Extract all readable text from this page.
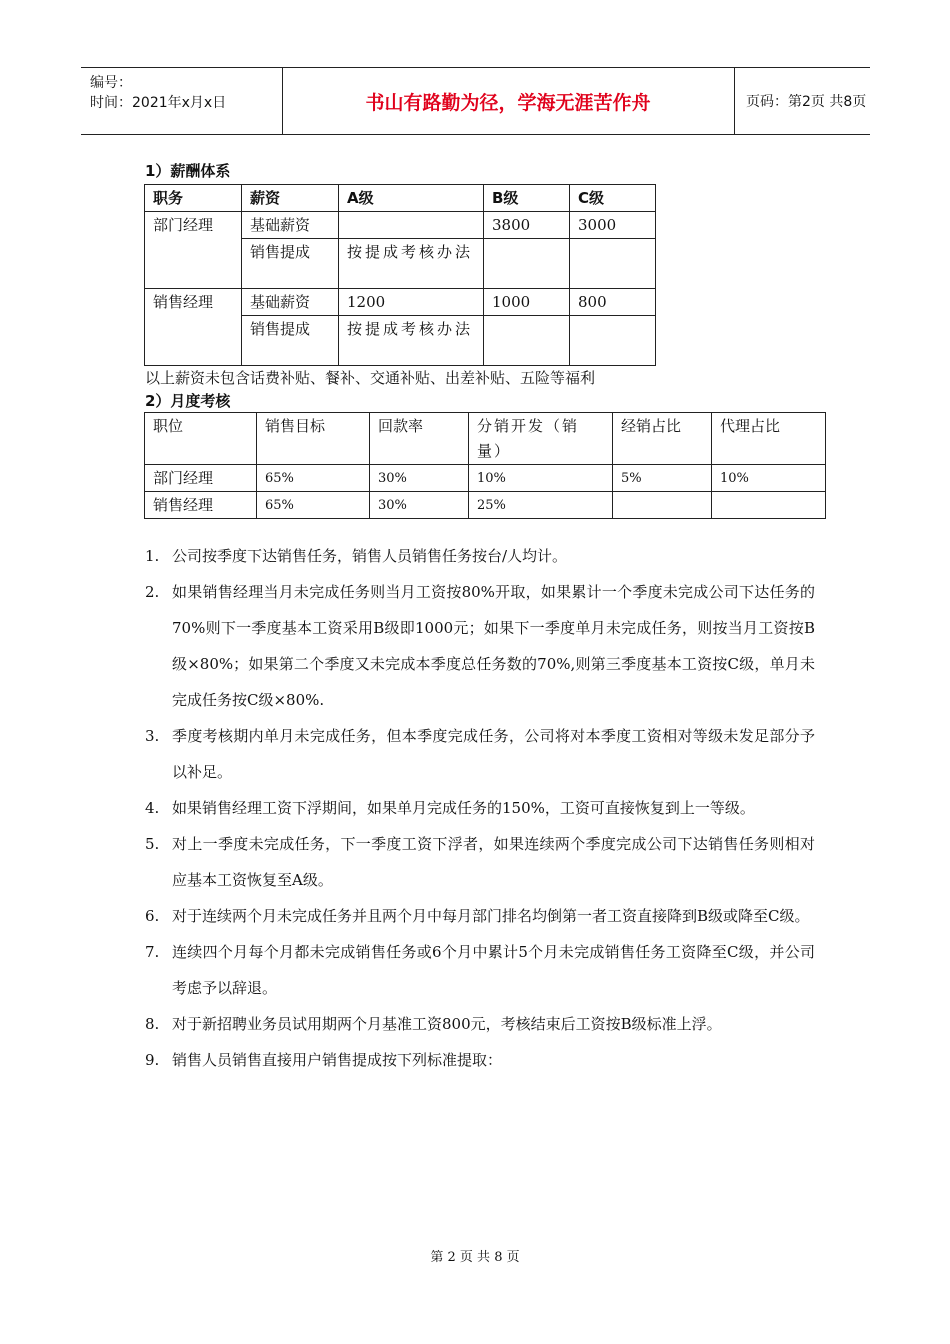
编号：
时间：2021年x月x日	书山有路勤为径，学海无涯苦作舟	页码：第2页 共8页
1）薪酬体系
职务	薪资	A级	B级	C级
部门经理	基础薪资		3800	3000
	销售提成	按提成考核办法		
销售经理	基础薪资	1200	1000	800
	销售提成	按提成考核办法		
以上薪资未包含话费补贴、餐补、交通补贴、出差补贴、五险等福利
2）月度考核
职位	销售目标	回款率	分销开发（销量）	经销占比	代理占比
部门经理	65%	30%	10%	5%	10%
销售经理	65%	30%	25%		
1. 公司按季度下达销售任务，销售人员销售任务按台/人均计。
2. 如果销售经理当月未完成任务则当月工资按80%开取，如果累计一个季度未完成公司下达任务的70%则下一季度基本工资采用B级即1000元；如果下一季度单月未完成任务，则按当月工资按B级×80%；如果第二个季度又未完成本季度总任务数的70%,则第三季度基本工资按C级，单月未完成任务按C级×80%.
3. 季度考核期内单月未完成任务，但本季度完成任务，公司将对本季度工资相对等级未发足部分予以补足。
4. 如果销售经理工资下浮期间，如果单月完成任务的150%，工资可直接恢复到上一等级。
5. 对上一季度未完成任务，下一季度工资下浮者，如果连续两个季度完成公司下达销售任务则相对应基本工资恢复至A级。
6. 对于连续两个月未完成任务并且两个月中每月部门排名均倒第一者工资直接降到B级或降至C级。
7. 连续四个月每个月都未完成销售任务或6个月中累计5个月未完成销售任务工资降至C级，并公司考虑予以辞退。
8. 对于新招聘业务员试用期两个月基准工资800元，考核结束后工资按B级标准上浮。
9. 销售人员销售直接用户销售提成按下列标准提取：
第 2 页 共 8 页
